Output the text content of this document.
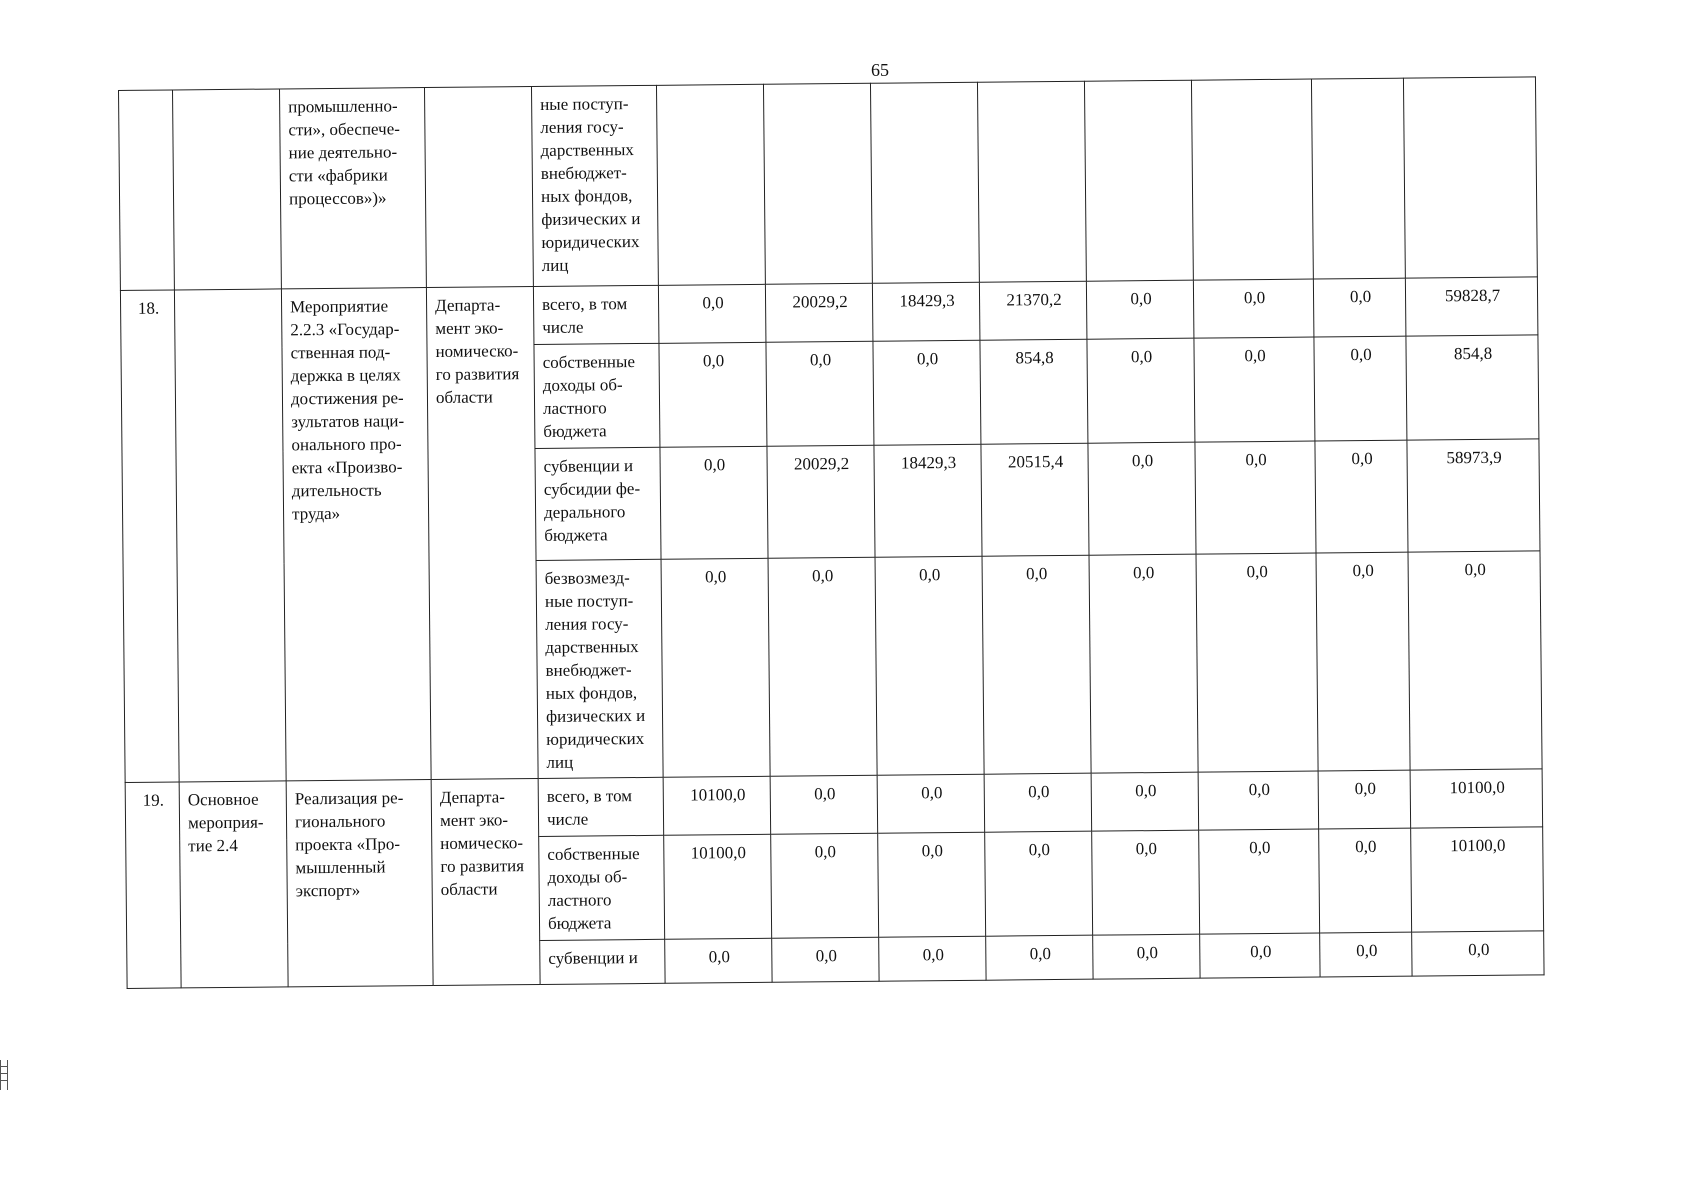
65
		промышленно-сти», обеспече-ние деятельно-сти «фабрики процессов»)»		ные поступ-ления госу-дарственных внебюджет-ных фондов, физических и юридических лиц								
18.		Мероприятие 2.2.3 «Государ-ственная под-держка в целях достижения ре-зультатов наци-онального про-екта «Произво-дительность труда»	Департа-мент эко-номическо-го развития области	всего, в том числе	0,0	20029,2	18429,3	21370,2	0,0	0,0	0,0	59828,7
				собственные доходы об-ластного бюджета	0,0	0,0	0,0	854,8	0,0	0,0	0,0	854,8
				субвенции и субсидии фе-дерального бюджета	0,0	20029,2	18429,3	20515,4	0,0	0,0	0,0	58973,9
				безвозмезд-ные поступ-ления госу-дарственных внебюджет-ных фондов, физических и юридических лиц	0,0	0,0	0,0	0,0	0,0	0,0	0,0	0,0
19.	Основное мероприя-тие 2.4	Реализация ре-гионального проекта «Про-мышленный экспорт»	Департа-мент эко-номическо-го развития области	всего, в том числе	10100,0	0,0	0,0	0,0	0,0	0,0	0,0	10100,0
				собственные доходы об-ластного бюджета	10100,0	0,0	0,0	0,0	0,0	0,0	0,0	10100,0
				субвенции и	0,0	0,0	0,0	0,0	0,0	0,0	0,0	0,0
